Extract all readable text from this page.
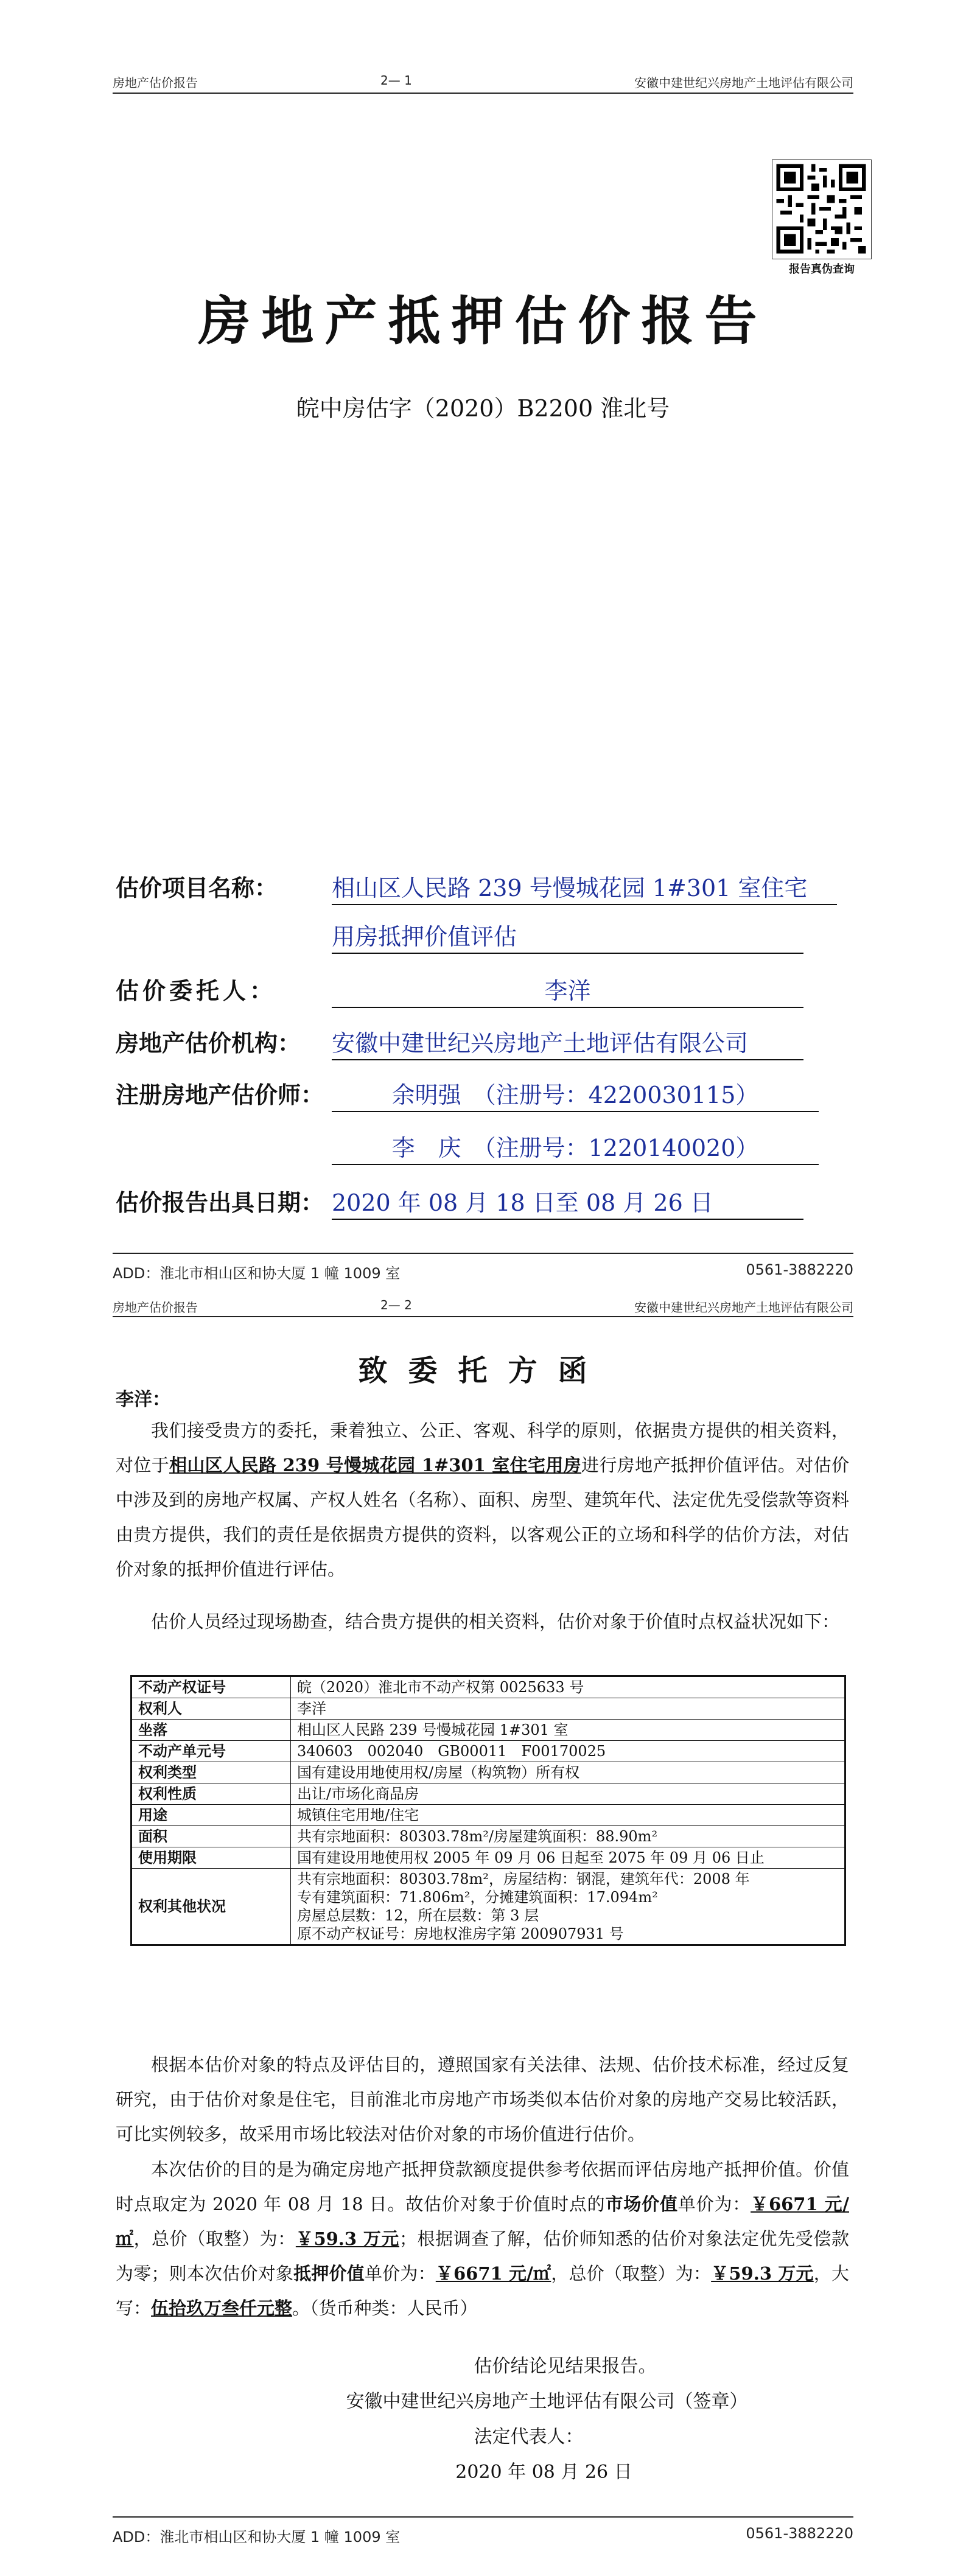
房地产估价报告	2— 1	安徽中建世纪兴房地产土地评估有限公司
报告真伪查询
房地产抵押估价报告
皖中房估字（2020）B2200 淮北号
估价项目名称： 相山区人民路 239 号慢城花园 1#301 室住宅
用房抵押价值评估
估价委托人：	李洋
房地产估价机构： 安徽中建世纪兴房地产土地评估有限公司
注册房地产估价师：	余明强　（注册号：4220030115）
李　庆　（注册号：1220140020）
估价报告出具日期： 2020 年 08 月 18 日至 08 月 26 日
ADD：淮北市相山区和协大厦 1 幢 1009 室	0561-3882220
房地产估价报告	2— 2	安徽中建世纪兴房地产土地评估有限公司
致委托方函
李洋：
我们接受贵方的委托，秉着独立、公正、客观、科学的原则，依据贵方提供的相关资料，对位于相山区人民路 239 号慢城花园 1#301 室住宅用房进行房地产抵押价值评估。对估价中涉及到的房地产权属、产权人姓名（名称）、面积、房型、建筑年代、法定优先受偿款等资料由贵方提供，我们的责任是依据贵方提供的资料，以客观公正的立场和科学的估价方法，对估价对象的抵押价值进行评估。
估价人员经过现场勘查，结合贵方提供的相关资料，估价对象于价值时点权益状况如下：
不动产权证号	皖（2020）淮北市不动产权第 0025633 号

权利人	李洋

坐落	相山区人民路 239 号慢城花园 1#301 室

不动产单元号	340603　002040　GB00011　F00170025

权利类型	国有建设用地使用权/房屋（构筑物）所有权

权利性质	出让/市场化商品房

用途	城镇住宅用地/住宅

面积	共有宗地面积：80303.78m²/房屋建筑面积：88.90m²

使用期限	国有建设用地使用权 2005 年 09 月 06 日起至 2075 年 09 月 06 日止

权利其他状况	共有宗地面积：80303.78m²，房屋结构：钢混，建筑年代：2008 年
专有建筑面积：71.806m²，分摊建筑面积：17.094m²
房屋总层数：12，所在层数：第 3 层
原不动产权证号：房地权淮房字第 200907931 号
根据本估价对象的特点及评估目的，遵照国家有关法律、法规、估价技术标准，经过反复研究，由于估价对象是住宅，目前淮北市房地产市场类似本估价对象的房地产交易比较活跃，可比实例较多，故采用市场比较法对估价对象的市场价值进行估价。
本次估价的目的是为确定房地产抵押贷款额度提供参考依据而评估房地产抵押价值。价值时点取定为 2020 年 08 月 18 日。故估价对象于价值时点的市场价值单价为：￥6671 元/㎡，总价（取整）为：￥59.3 万元；根据调查了解，估价师知悉的估价对象法定优先受偿款为零；则本次估价对象抵押价值单价为：￥6671 元/㎡，总价（取整）为：￥59.3 万元，大写：伍拾玖万叁仟元整。（货币种类：人民币）
估价结论见结果报告。
安徽中建世纪兴房地产土地评估有限公司（签章）
法定代表人：
2020 年 08 月 26 日
ADD：淮北市相山区和协大厦 1 幢 1009 室	0561-3882220
